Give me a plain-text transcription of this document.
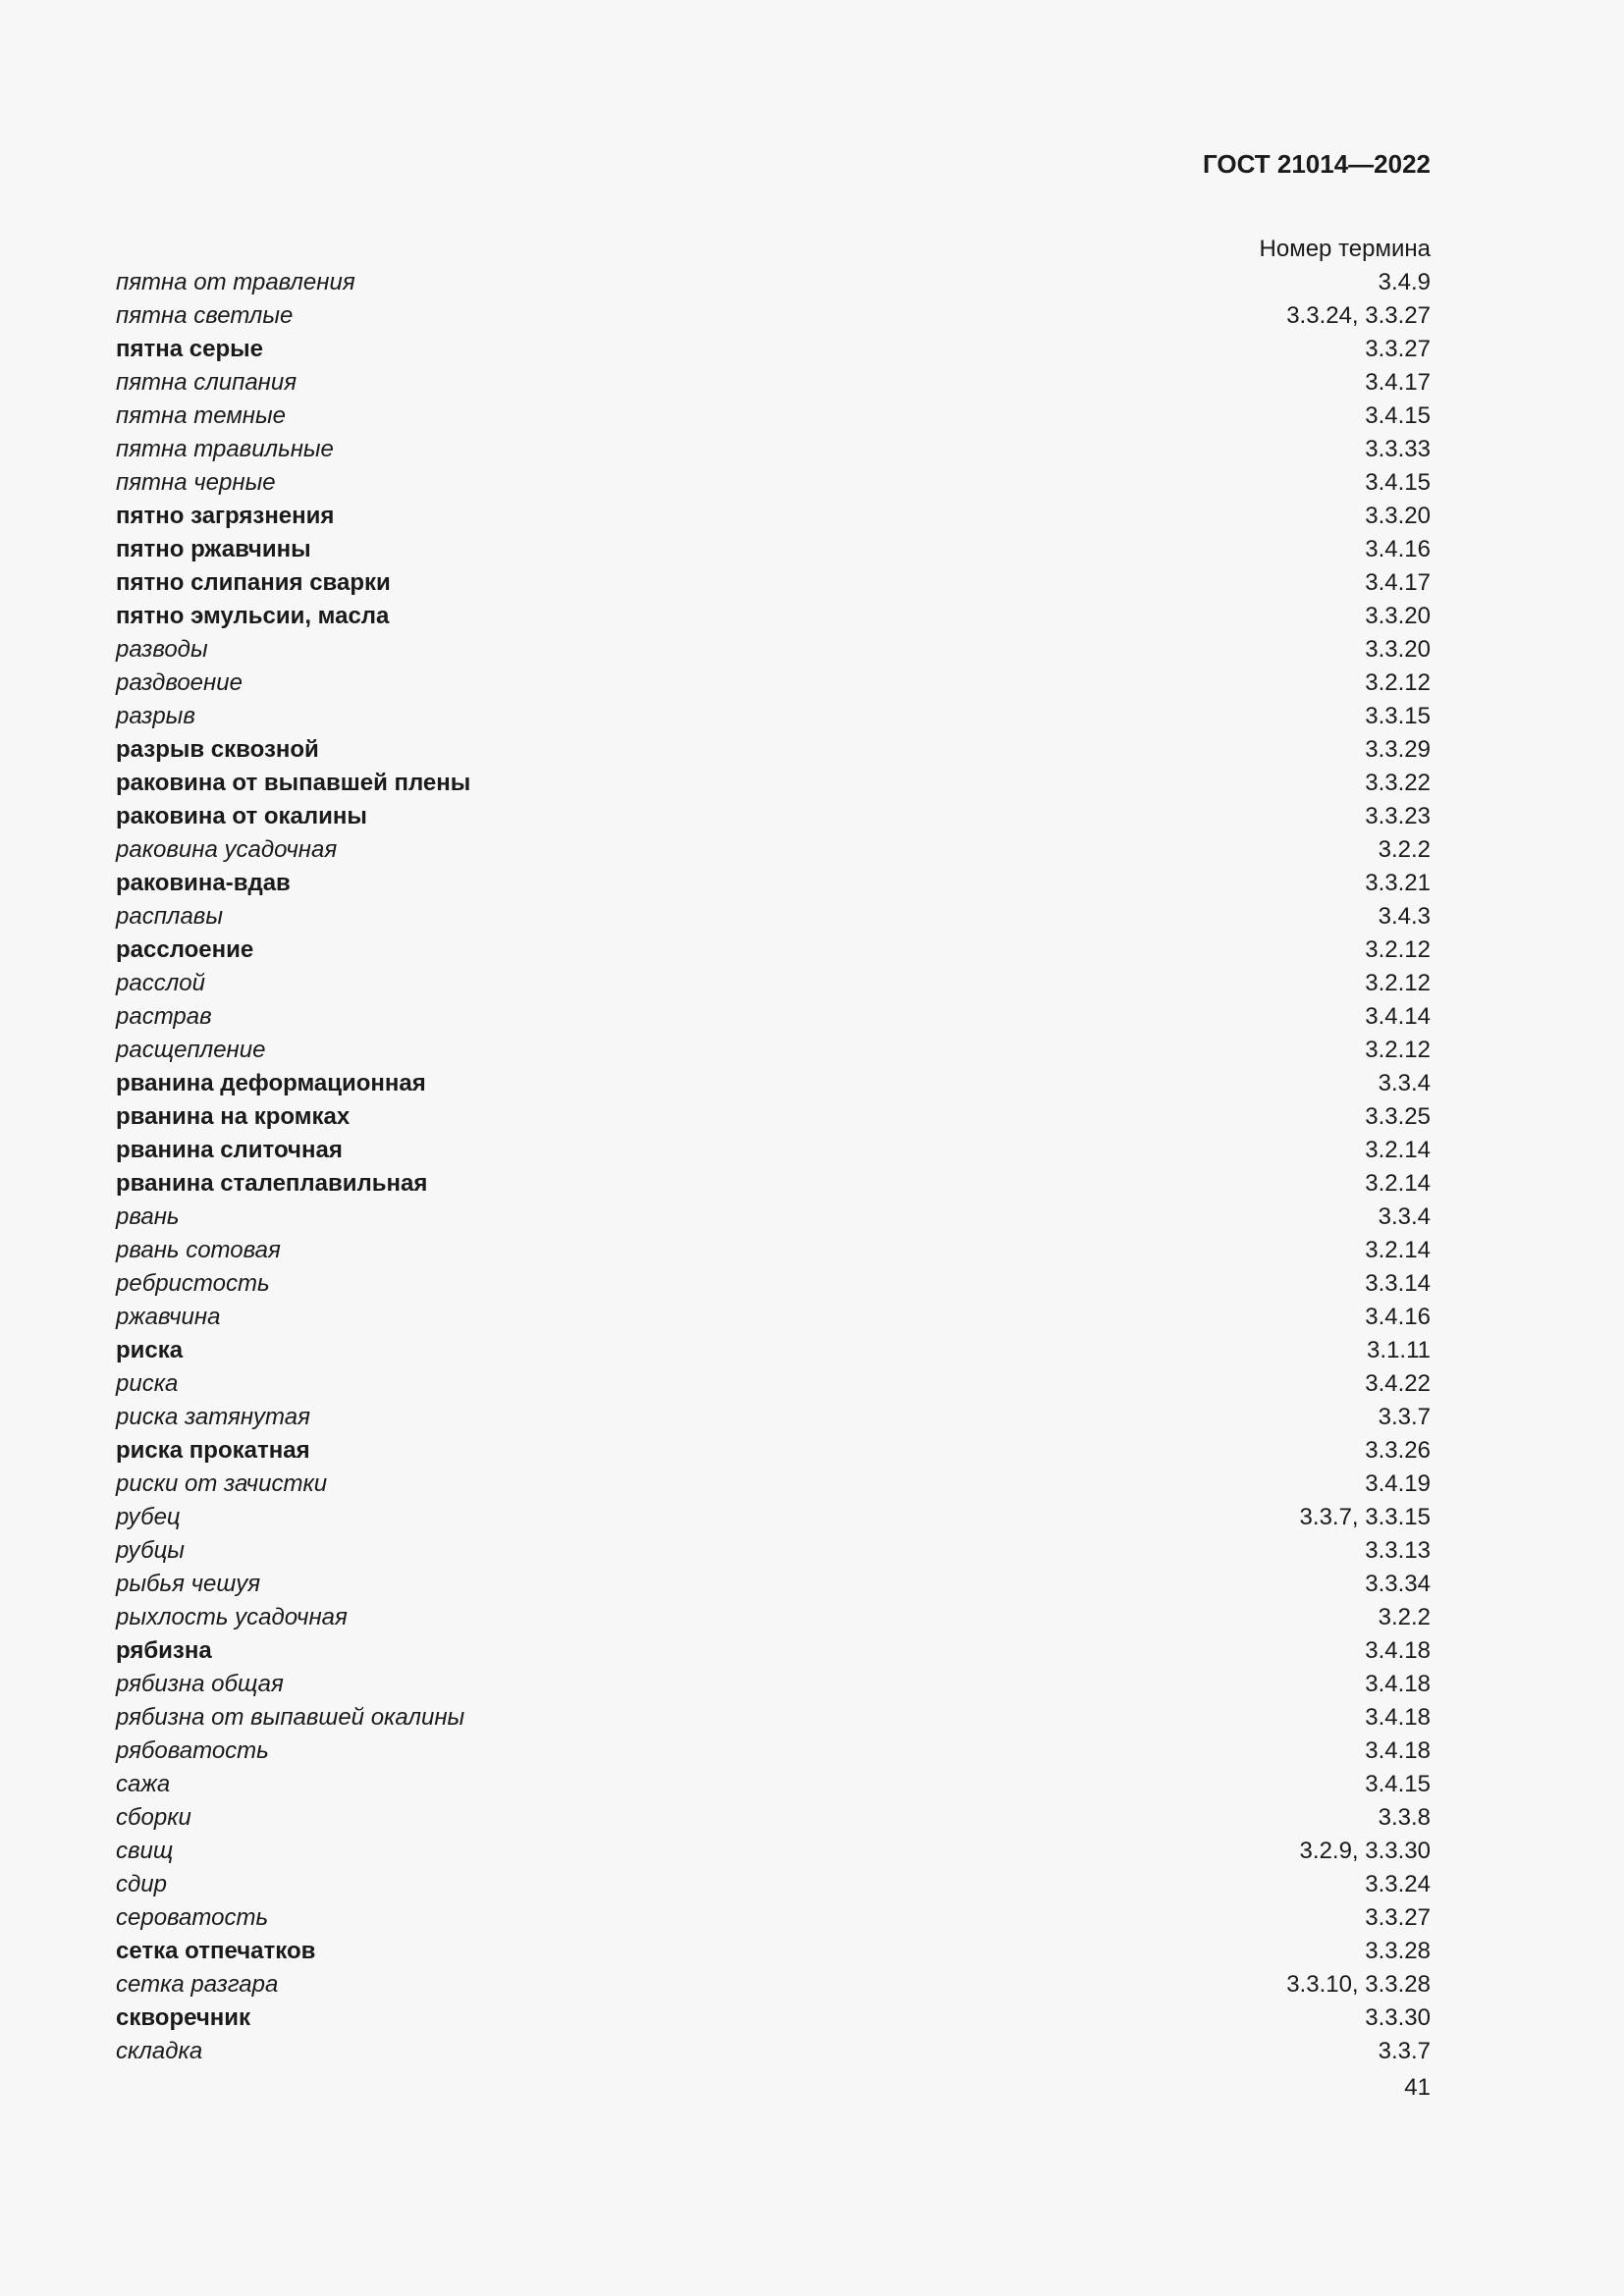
ГОСТ 21014—2022
Номер термина
пятна от травления	3.4.9
пятна светлые	3.3.24, 3.3.27
пятна серые	3.3.27
пятна слипания	3.4.17
пятна темные	3.4.15
пятна травильные	3.3.33
пятна черные	3.4.15
пятно загрязнения	3.3.20
пятно ржавчины	3.4.16
пятно слипания сварки	3.4.17
пятно эмульсии, масла	3.3.20
разводы	3.3.20
раздвоение	3.2.12
разрыв	3.3.15
разрыв сквозной	3.3.29
раковина от выпавшей плены	3.3.22
раковина от окалины	3.3.23
раковина усадочная	3.2.2
раковина-вдав	3.3.21
расплавы	3.4.3
расслоение	3.2.12
расслой	3.2.12
растрав	3.4.14
расщепление	3.2.12
рванина деформационная	3.3.4
рванина на кромках	3.3.25
рванина слиточная	3.2.14
рванина сталеплавильная	3.2.14
рвань	3.3.4
рвань сотовая	3.2.14
ребристость	3.3.14
ржавчина	3.4.16
риска	3.1.11
риска	3.4.22
риска затянутая	3.3.7
риска прокатная	3.3.26
риски от зачистки	3.4.19
рубец	3.3.7, 3.3.15
рубцы	3.3.13
рыбья чешуя	3.3.34
рыхлость усадочная	3.2.2
рябизна	3.4.18
рябизна общая	3.4.18
рябизна от выпавшей окалины	3.4.18
рябоватость	3.4.18
сажа	3.4.15
сборки	3.3.8
свищ	3.2.9, 3.3.30
сдир	3.3.24
сероватость	3.3.27
сетка отпечатков	3.3.28
сетка разгара	3.3.10, 3.3.28
скворечник	3.3.30
складка	3.3.7
41
